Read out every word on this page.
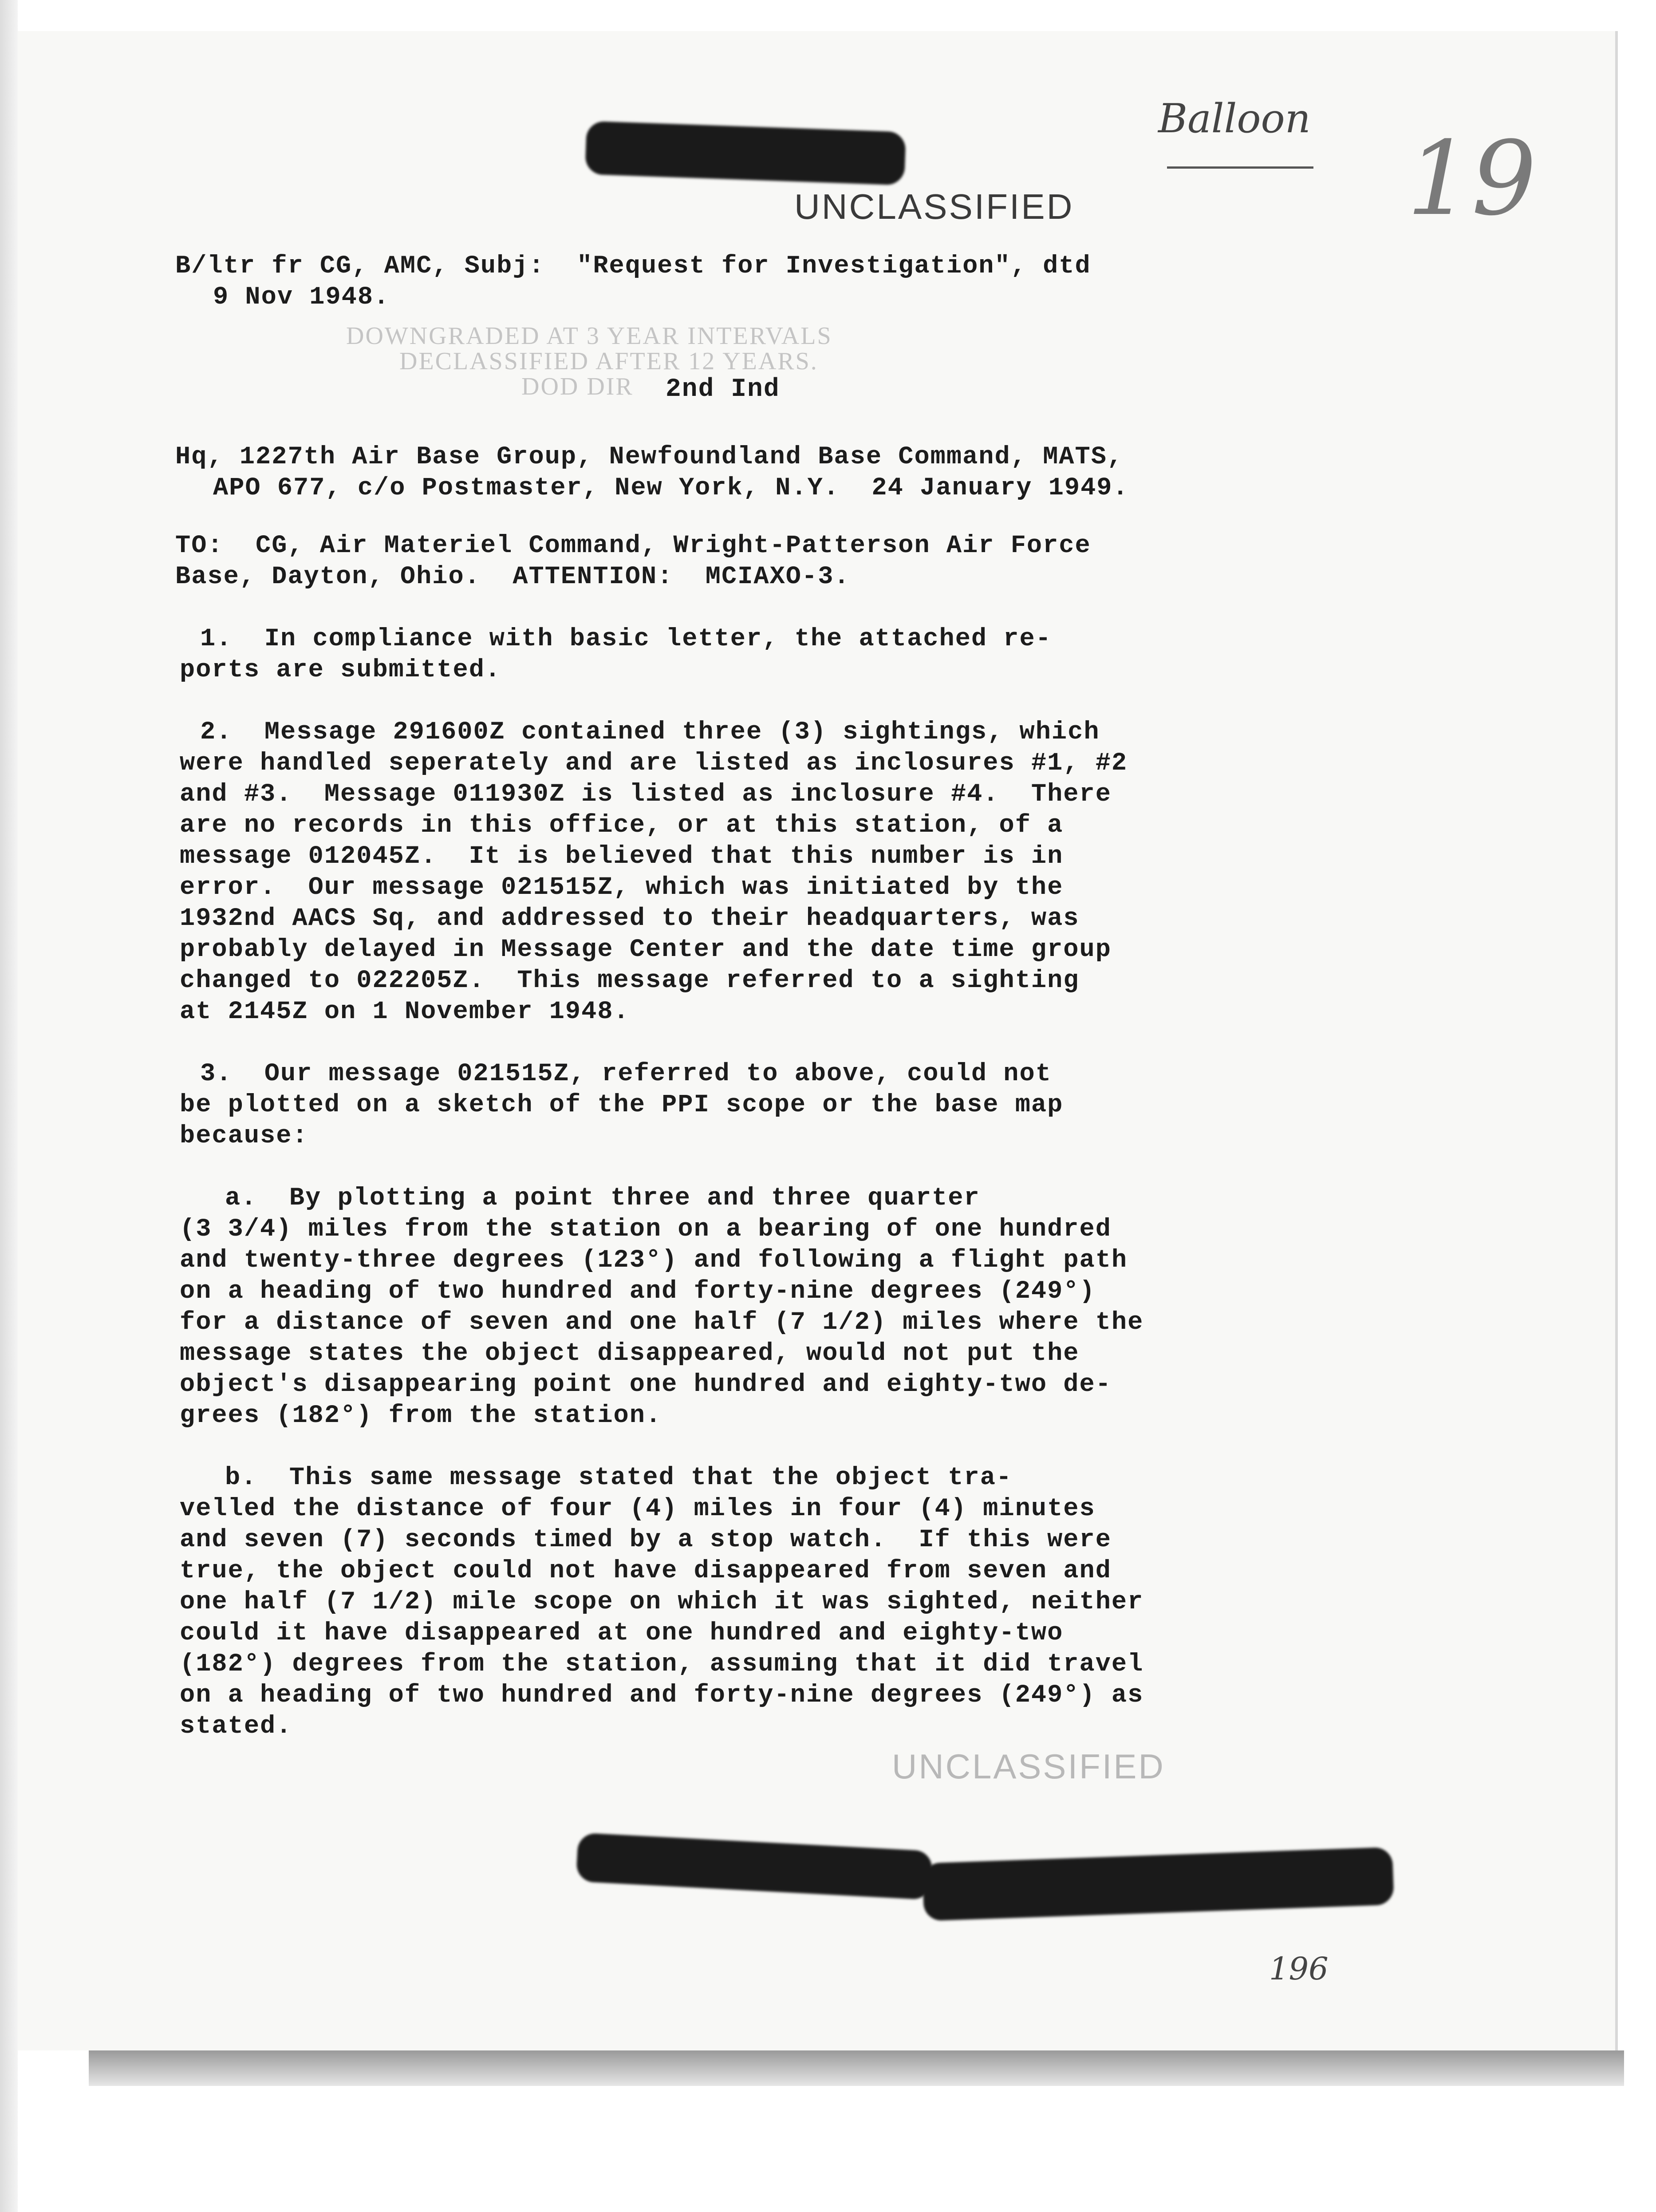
Balloon
19
UNCLASSIFIED
B/ltr fr CG, AMC, Subj:  "Request for Investigation", dtd
9 Nov 1948.
DOWNGRADED AT 3 YEAR INTERVALS
DECLASSIFIED AFTER 12 YEARS.
DOD DIR 2nd Ind
Hq, 1227th Air Base Group, Newfoundland Base Command, MATS,
APO 677, c/o Postmaster, New York, N.Y.  24 January 1949.
TO:  CG, Air Materiel Command, Wright-Patterson Air Force
Base, Dayton, Ohio.  ATTENTION:  MCIAXO-3.
1.  In compliance with basic letter, the attached re-
ports are submitted.
2.  Message 291600Z contained three (3) sightings, which
were handled seperately and are listed as inclosures #1, #2
and #3.  Message 011930Z is listed as inclosure #4.  There
are no records in this office, or at this station, of a
message 012045Z.  It is believed that this number is in
error.  Our message 021515Z, which was initiated by the
1932nd AACS Sq, and addressed to their headquarters, was
probably delayed in Message Center and the date time group
changed to 022205Z.  This message referred to a sighting
at 2145Z on 1 November 1948.
3.  Our message 021515Z, referred to above, could not
be plotted on a sketch of the PPI scope or the base map
because:
a.  By plotting a point three and three quarter
(3 3/4) miles from the station on a bearing of one hundred
and twenty-three degrees (123°) and following a flight path
on a heading of two hundred and forty-nine degrees (249°)
for a distance of seven and one half (7 1/2) miles where the
message states the object disappeared, would not put the
object's disappearing point one hundred and eighty-two de-
grees (182°) from the station.
b.  This same message stated that the object tra-
velled the distance of four (4) miles in four (4) minutes
and seven (7) seconds timed by a stop watch.  If this were
true, the object could not have disappeared from seven and
one half (7 1/2) mile scope on which it was sighted, neither
could it have disappeared at one hundred and eighty-two
(182°) degrees from the station, assuming that it did travel
on a heading of two hundred and forty-nine degrees (249°) as
stated.
UNCLASSIFIED
196
